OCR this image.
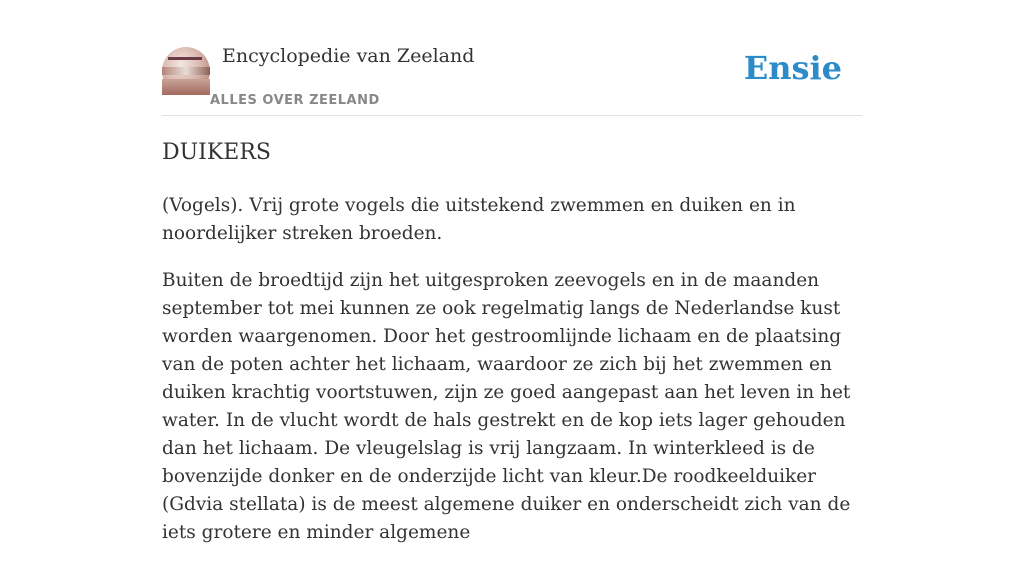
Encyclopedie van Zeeland
ALLES OVER ZEELAND
Ensie
DUIKERS

(Vogels). Vrij grote vogels die uitstekend zwemmen en duiken en in noordelijker streken broeden.

Buiten de broedtijd zijn het uitgesproken zeevogels en in de maanden september tot mei kunnen ze ook regelmatig langs de Nederlandse kust worden waargenomen. Door het gestroomlijnde lichaam en de plaatsing van de poten achter het lichaam, waardoor ze zich bij het zwemmen en duiken krachtig voortstuwen, zijn ze goed aangepast aan het leven in het water. In de vlucht wordt de hals gestrekt en de kop iets lager gehouden dan het lichaam. De vleugelslag is vrij langzaam. In winterkleed is de bovenzijde donker en de onderzijde licht van kleur.De roodkeelduiker (Gdvia stellata) is de meest algemene duiker en onderscheidt zich van de iets grotere en minder algemene
